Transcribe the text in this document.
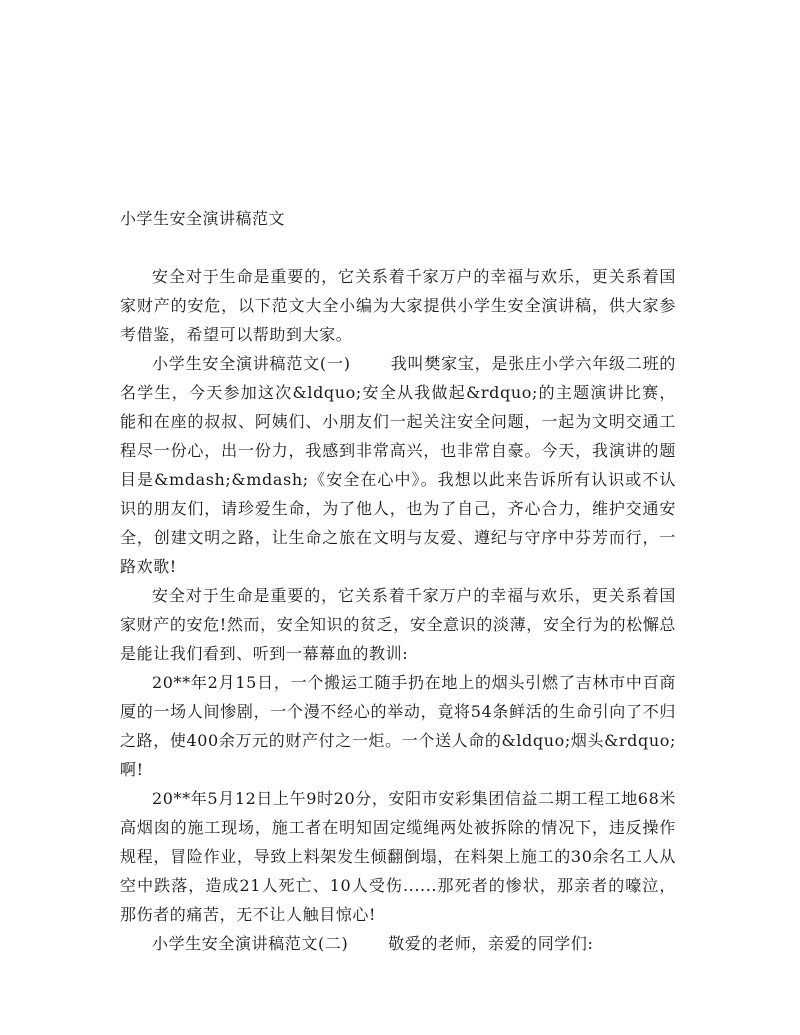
小学生安全演讲稿范文

安全对于生命是重要的，它关系着千家万户的幸福与欢乐，更关系着国家财产的安危，以下范文大全小编为大家提供小学生安全演讲稿，供大家参考借鉴，希望可以帮助到大家。

小学生安全演讲稿范文(一)	我叫樊家宝，是张庄小学六年级二班的名学生，今天参加这次&ldquo;安全从我做起&rdquo;的主题演讲比赛，能和在座的叔叔、阿姨们、小朋友们一起关注安全问题，一起为文明交通工程尽一份心，出一份力，我感到非常高兴，也非常自豪。今天，我演讲的题目是&mdash;&mdash;《安全在心中》。我想以此来告诉所有认识或不认识的朋友们，请珍爱生命，为了他人，也为了自己，齐心合力，维护交通安全，创建文明之路，让生命之旅在文明与友爱、遵纪与守序中芬芳而行，一路欢歌!

安全对于生命是重要的，它关系着千家万户的幸福与欢乐，更关系着国家财产的安危!然而，安全知识的贫乏，安全意识的淡薄，安全行为的松懈总是能让我们看到、听到一幕幕血的教训:

20**年2月15日，一个搬运工随手扔在地上的烟头引燃了吉林市中百商厦的一场人间惨剧，一个漫不经心的举动，竟将54条鲜活的生命引向了不归之路，使400余万元的财产付之一炬。一个送人命的&ldquo;烟头&rdquo;啊!

20**年5月12日上午9时20分，安阳市安彩集团信益二期工程工地68米高烟囱的施工现场，施工者在明知固定缆绳两处被拆除的情况下，违反操作规程，冒险作业，导致上料架发生倾翻倒塌，在料架上施工的30余名工人从空中跌落，造成21人死亡、10人受伤......那死者的惨状，那亲者的嚎泣，那伤者的痛苦，无不让人触目惊心!

小学生安全演讲稿范文(二)	敬爱的老师，亲爱的同学们:
